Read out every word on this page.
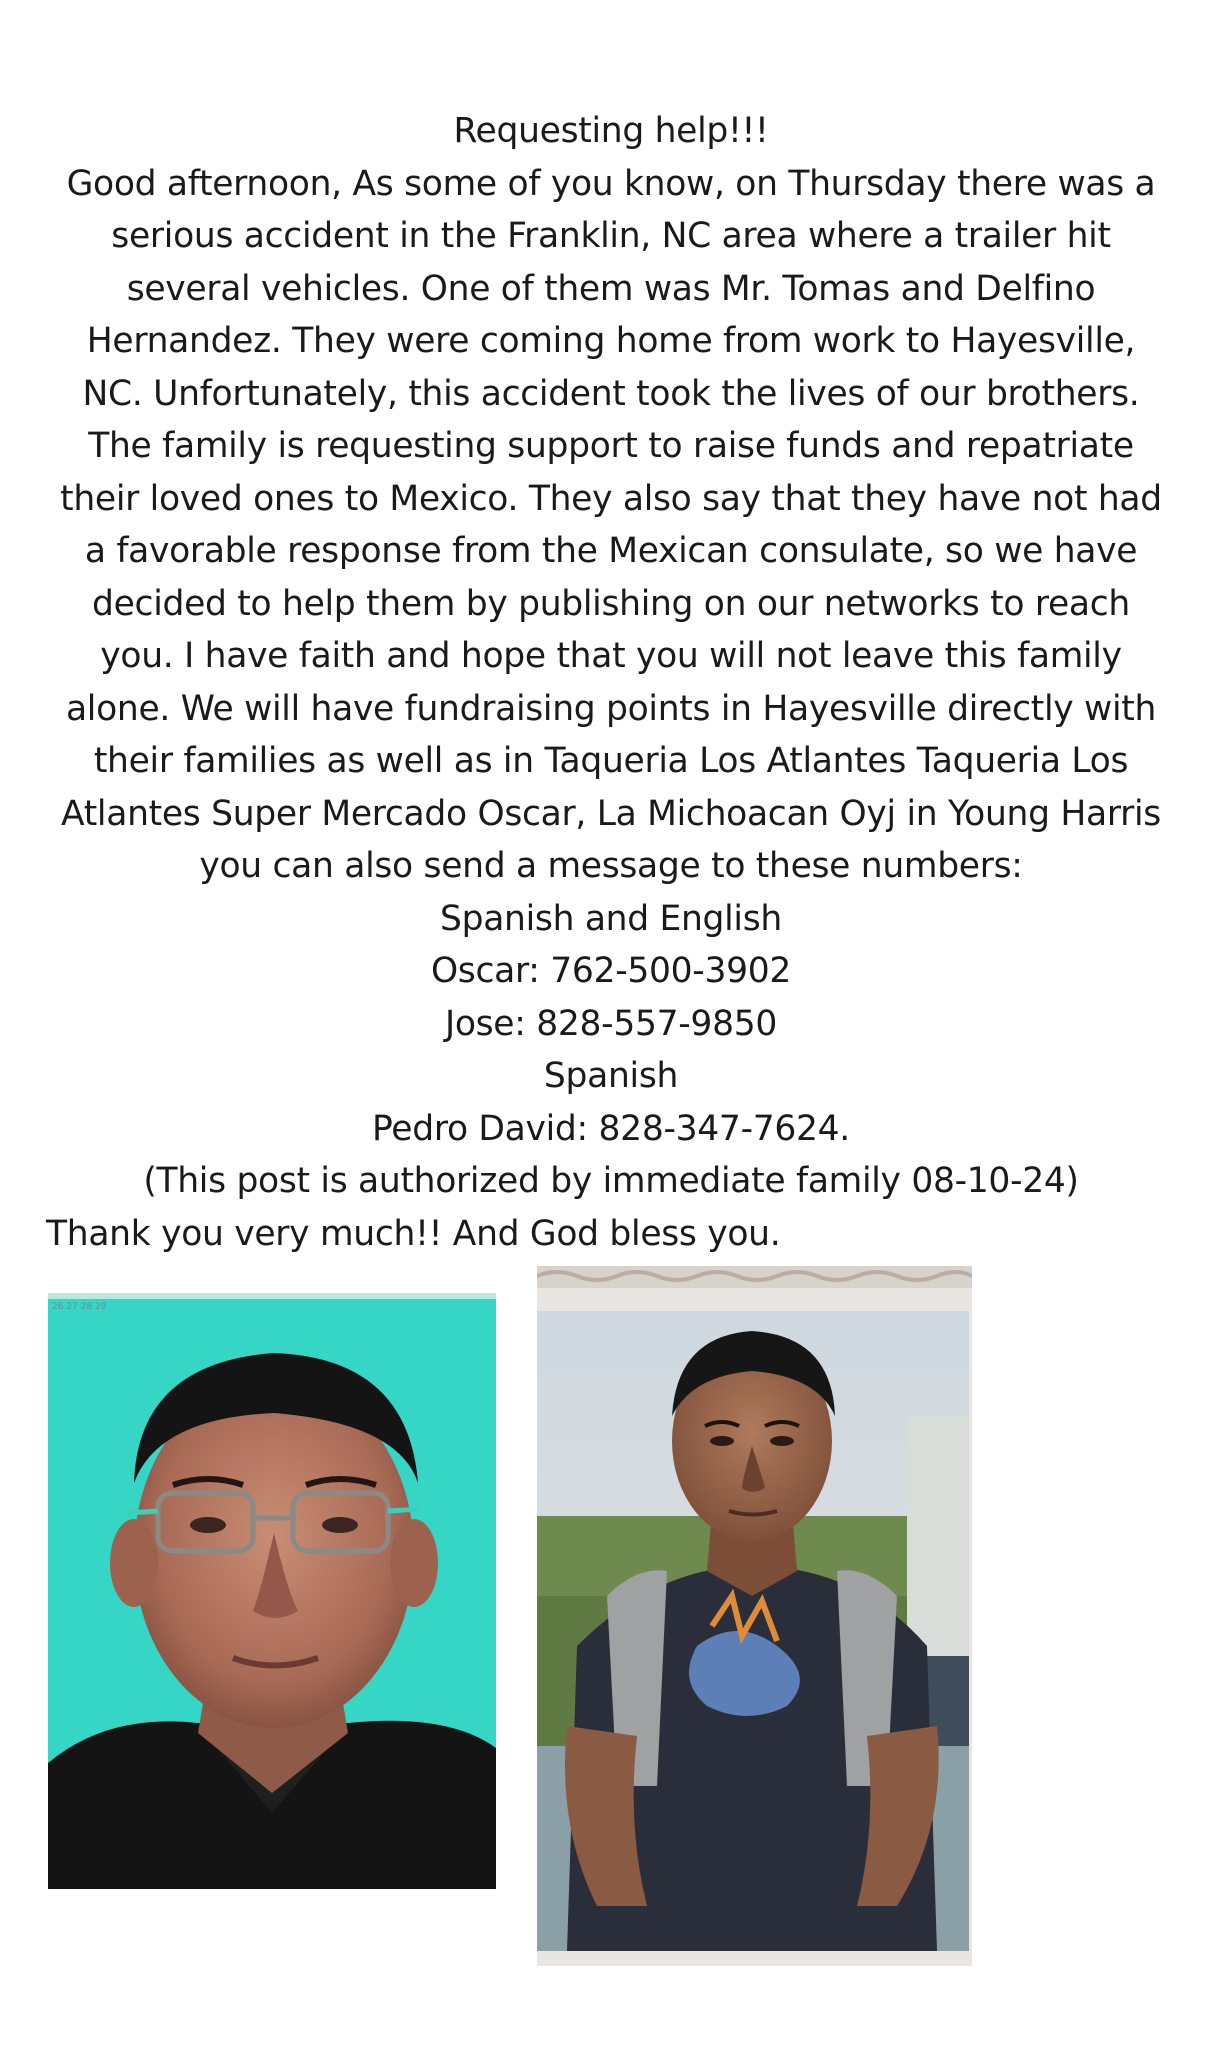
Requesting help!!!
Good afternoon, As some of you know, on Thursday there was a
serious accident in the Franklin, NC area where a trailer hit
several vehicles. One of them was Mr. Tomas and Delfino
Hernandez. They were coming home from work to Hayesville,
NC. Unfortunately, this accident took the lives of our brothers.
The family is requesting support to raise funds and repatriate
their loved ones to Mexico. They also say that they have not had
a favorable response from the Mexican consulate, so we have
decided to help them by publishing on our networks to reach
you. I have faith and hope that you will not leave this family
alone. We will have fundraising points in Hayesville directly with
their families as well as in Taqueria Los Atlantes Taqueria Los
Atlantes Super Mercado Oscar, La Michoacan Oyj in Young Harris
you can also send a message to these numbers:
Spanish and English
Oscar: 762-500-3902
Jose: 828-557-9850
Spanish
Pedro David: 828-347-7624.
(This post is authorized by immediate family 08-10-24)
Thank you very much!! And God bless you.
26 27 28 29
